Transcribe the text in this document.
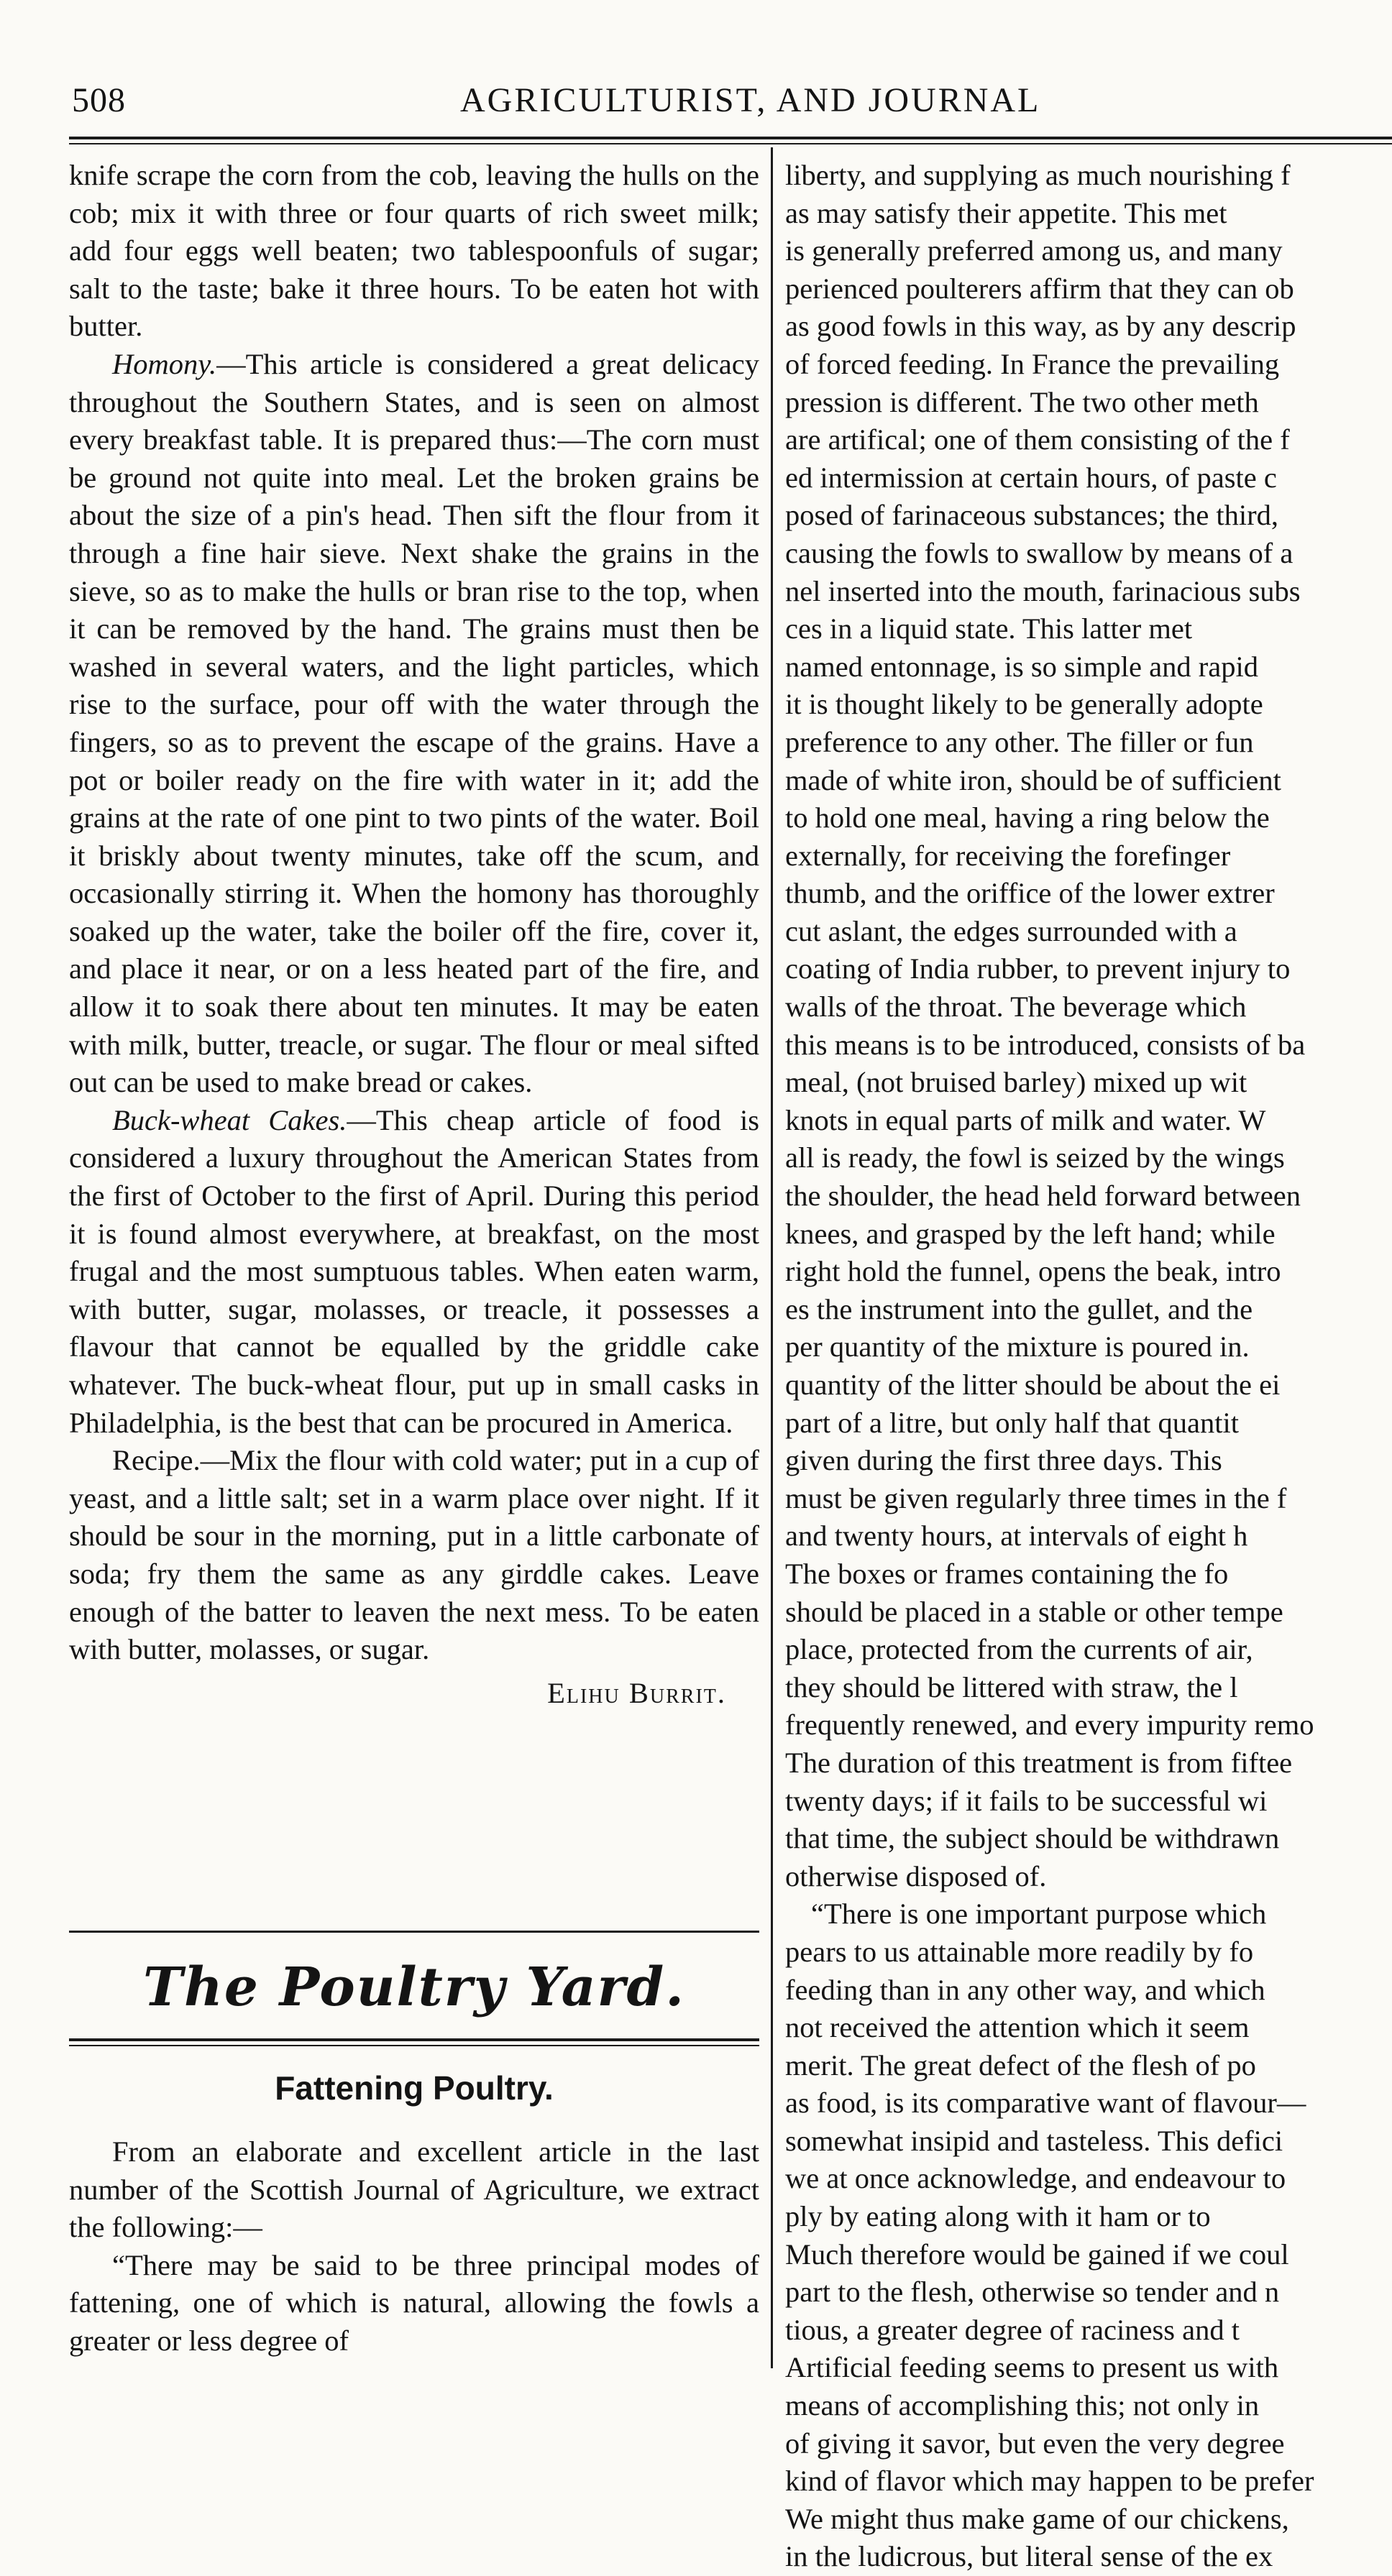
508	AGRICULTURIST, AND JOURNAL

knife scrape the corn from the cob, leaving the hulls on the cob; mix it with three or four quarts of rich sweet milk; add four eggs well beaten; two tablespoonfuls of sugar; salt to the taste; bake it three hours. To be eaten hot with butter.

Homony.—This article is considered a great delicacy throughout the Southern States, and is seen on almost every breakfast table. It is prepared thus:—The corn must be ground not quite into meal. Let the broken grains be about the size of a pin's head. Then sift the flour from it through a fine hair sieve. Next shake the grains in the sieve, so as to make the hulls or bran rise to the top, when it can be removed by the hand. The grains must then be washed in several waters, and the light particles, which rise to the surface, pour off with the water through the fingers, so as to prevent the escape of the grains. Have a pot or boiler ready on the fire with water in it; add the grains at the rate of one pint to two pints of the water. Boil it briskly about twenty minutes, take off the scum, and occasionally stirring it. When the homony has thoroughly soaked up the water, take the boiler off the fire, cover it, and place it near, or on a less heated part of the fire, and allow it to soak there about ten minutes. It may be eaten with milk, butter, treacle, or sugar. The flour or meal sifted out can be used to make bread or cakes.

Buck-wheat Cakes.—This cheap article of food is considered a luxury throughout the American States from the first of October to the first of April. During this period it is found almost everywhere, at breakfast, on the most frugal and the most sumptuous tables. When eaten warm, with butter, sugar, molasses, or treacle, it possesses a flavour that cannot be equalled by the griddle cake whatever. The buck-wheat flour, put up in small casks in Philadelphia, is the best that can be procured in America.

Recipe.—Mix the flour with cold water; put in a cup of yeast, and a little salt; set in a warm place over night. If it should be sour in the morning, put in a little carbonate of soda; fry them the same as any girddle cakes. Leave enough of the batter to leaven the next mess. To be eaten with butter, molasses, or sugar.

Elihu Burrit.
The Poultry Yard.
Fattening Poultry.

From an elaborate and excellent article in the last number of the Scottish Journal of Agriculture, we extract the following:—

“There may be said to be three principal modes of fattening, one of which is natural, allowing the fowls a greater or less degree of

liberty, and supplying as much nourishing f

as may satisfy their appetite. This met

is generally preferred among us, and many

perienced poulterers affirm that they can ob

as good fowls in this way, as by any descrip

of forced feeding. In France the prevailing

pression is different. The two other meth

are artifical; one of them consisting of the f

ed intermission at certain hours, of paste c

posed of farinaceous substances; the third,

causing the fowls to swallow by means of a

nel inserted into the mouth, farinacious subs

ces in a liquid state. This latter met

named entonnage, is so simple and rapid

it is thought likely to be generally adopte

preference to any other. The filler or fun

made of white iron, should be of sufficient

to hold one meal, having a ring below the

externally, for receiving the forefinger

thumb, and the oriffice of the lower extrer

cut aslant, the edges surrounded with a

coating of India rubber, to prevent injury to

walls of the throat. The beverage which

this means is to be introduced, consists of ba

meal, (not bruised barley) mixed up wit

knots in equal parts of milk and water. W

all is ready, the fowl is seized by the wings

the shoulder, the head held forward between

knees, and grasped by the left hand; while

right hold the funnel, opens the beak, intro

es the instrument into the gullet, and the

per quantity of the mixture is poured in.

quantity of the litter should be about the ei

part of a litre, but only half that quantit

given during the first three days. This

must be given regularly three times in the f

and twenty hours, at intervals of eight h

The boxes or frames containing the fo

should be placed in a stable or other tempe

place, protected from the currents of air,

they should be littered with straw, the l

frequently renewed, and every impurity remo

The duration of this treatment is from fiftee

twenty days; if it fails to be successful wi

that time, the subject should be withdrawn

otherwise disposed of.

“There is one important purpose which

pears to us attainable more readily by fo

feeding than in any other way, and which

not received the attention which it seem

merit. The great defect of the flesh of po

as food, is its comparative want of flavour—

somewhat insipid and tasteless. This defici

we at once acknowledge, and endeavour to

ply by eating along with it ham or to

Much therefore would be gained if we coul

part to the flesh, otherwise so tender and n

tious, a greater degree of raciness and t

Artificial feeding seems to present us with

means of accomplishing this; not only in

of giving it savor, but even the very degree

kind of flavor which may happen to be prefer

We might thus make game of our chickens,

in the ludicrous, but literal sense of the ex
